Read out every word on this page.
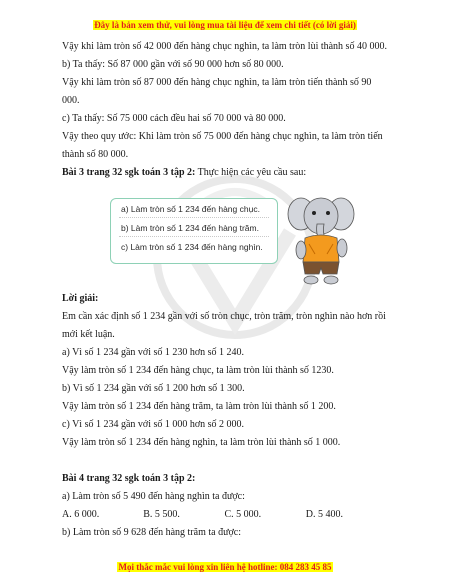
Đây là bản xem thử, vui lòng mua tài liệu để xem chi tiết (có lời giải)

Vậy khi làm tròn số 42 000 đến hàng chục nghìn, ta làm tròn lùi thành số 40 000.

b) Ta thấy: Số 87 000 gần với số 90 000 hơn số 80 000.

Vậy khi làm tròn số 87 000 đến hàng chục nghìn, ta làm tròn tiến thành số 90 000.

c) Ta thấy: Số 75 000 cách đều hai số 70 000 và 80 000.

Vậy theo quy ước: Khi làm tròn số 75 000 đến hàng chục nghìn, ta làm tròn tiến thành số 80 000.

Bài 3 trang 32 sgk toán 3 tập 2: Thực hiện các yêu cầu sau:

a) Làm tròn số 1 234 đến hàng chục.
b) Làm tròn số 1 234 đến hàng trăm.
c) Làm tròn số 1 234 đến hàng nghìn.

Lời giải:

Em cần xác định số 1 234 gần với số tròn chục, tròn trăm, tròn nghìn nào hơn rồi mới kết luận.

a) Vì số 1 234 gần với số 1 230 hơn số 1 240.

Vậy làm tròn số 1 234 đến hàng chục, ta làm tròn lùi thành số 1230.

b) Vì số 1 234 gần với số 1 200 hơn số 1 300.

Vậy làm tròn số 1 234 đến hàng trăm, ta làm tròn lùi thành số 1 200.

c) Vì số 1 234 gần với số 1 000 hơn số 2 000.

Vậy làm tròn số 1 234 đến hàng nghìn, ta làm tròn lùi thành số 1 000.

Bài 4 trang 32 sgk toán 3 tập 2:

a) Làm tròn số 5 490 đến hàng nghìn ta được:

A. 6 000.	B. 5 500.	C. 5 000.	D. 5 400.

b) Làm tròn số 9 628 đến hàng trăm ta được:

Mọi thắc mắc vui lòng xin liên hệ hotline: 084 283 45 85
